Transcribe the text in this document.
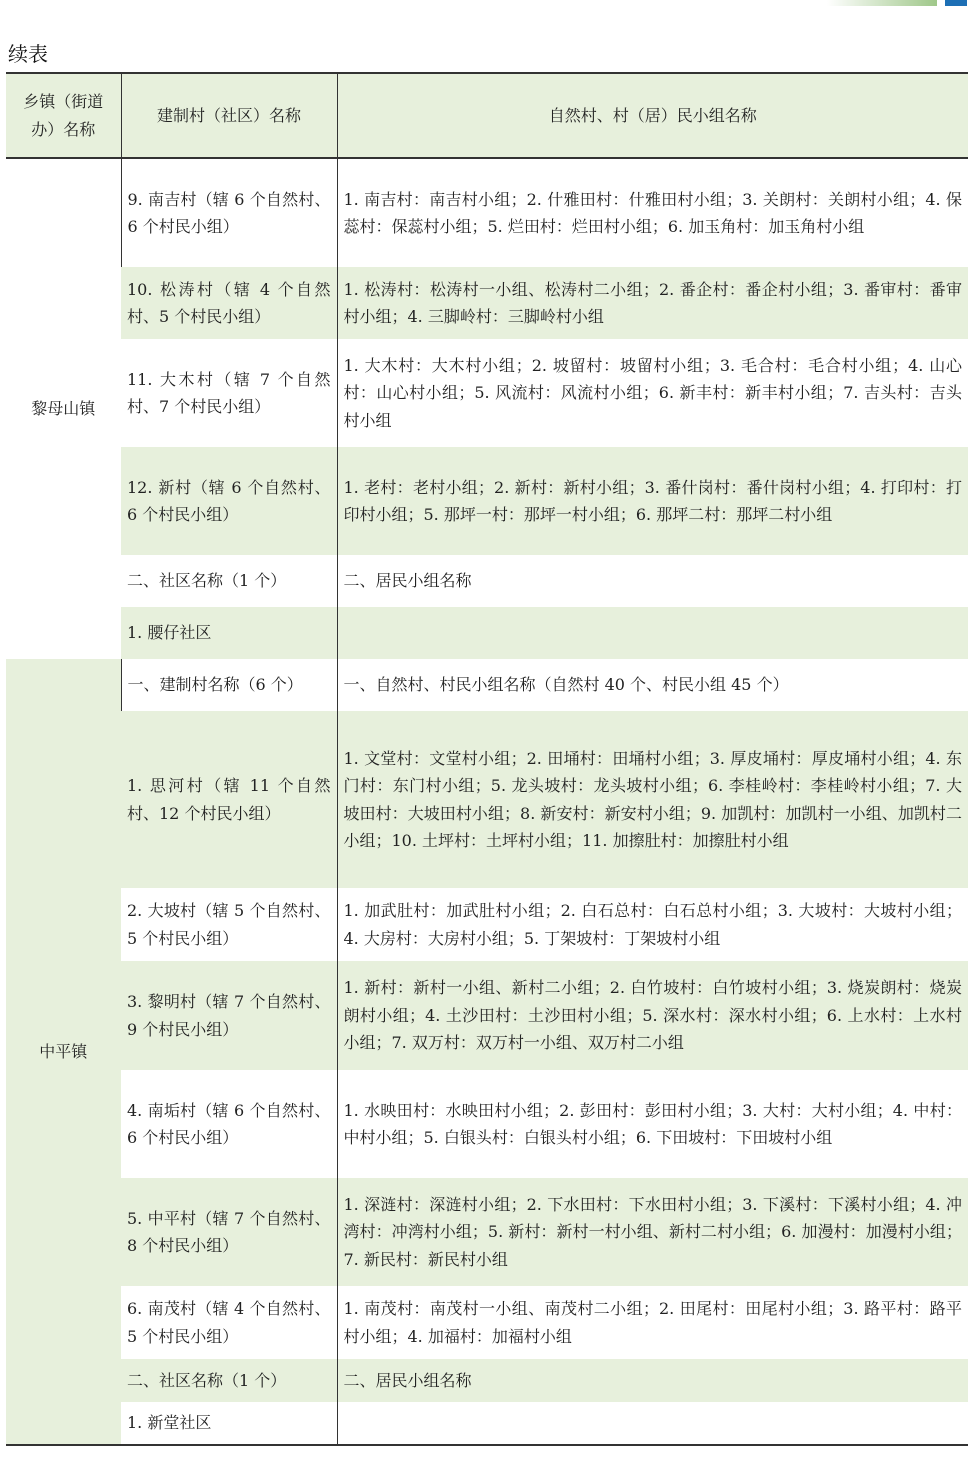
续表
乡镇（街道办）名称	建制村（社区）名称	自然村、村（居）民小组名称
黎母山镇	9. 南吉村（辖 6 个自然村、6 个村民小组）	1. 南吉村：南吉村小组；2. 什雅田村：什雅田村小组；3. 关朗村：关朗村小组；4. 保蕊村：保蕊村小组；5. 烂田村：烂田村小组；6. 加玉角村：加玉角村小组
	10. 松涛村（辖 4 个自然村、5 个村民小组）	1. 松涛村：松涛村一小组、松涛村二小组；2. 番企村：番企村小组；3. 番审村：番审村小组；4. 三脚岭村：三脚岭村小组
	11. 大木村（辖 7 个自然村、7 个村民小组）	1. 大木村：大木村小组；2. 坡留村：坡留村小组；3. 毛合村：毛合村小组；4. 山心村：山心村小组；5. 风流村：风流村小组；6. 新丰村：新丰村小组；7. 吉头村：吉头村小组
	12. 新村（辖 6 个自然村、6 个村民小组）	1. 老村：老村小组；2. 新村：新村小组；3. 番什岗村：番什岗村小组；4. 打印村：打印村小组；5. 那坪一村：那坪一村小组；6. 那坪二村：那坪二村小组
	二、社区名称（1 个）	二、居民小组名称
	1. 腰仔社区	
中平镇	一、建制村名称（6 个）	一、自然村、村民小组名称（自然村 40 个、村民小组 45 个）
	1. 思河村（辖 11 个自然村、12 个村民小组）	1. 文堂村：文堂村小组；2. 田埇村：田埇村小组；3. 厚皮埇村：厚皮埇村小组；4. 东门村：东门村小组；5. 龙头坡村：龙头坡村小组；6. 李桂岭村：李桂岭村小组；7. 大坡田村：大坡田村小组；8. 新安村：新安村小组；9. 加凯村：加凯村一小组、加凯村二小组；10. 土坪村：土坪村小组；11. 加擦肚村：加擦肚村小组
	2. 大坡村（辖 5 个自然村、5 个村民小组）	1. 加武肚村：加武肚村小组；2. 白石总村：白石总村小组；3. 大坡村：大坡村小组；4. 大房村：大房村小组；5. 丁架坡村：丁架坡村小组
	3. 黎明村（辖 7 个自然村、9 个村民小组）	1. 新村：新村一小组、新村二小组；2. 白竹坡村：白竹坡村小组；3. 烧炭朗村：烧炭朗村小组；4. 土沙田村：土沙田村小组；5. 深水村：深水村小组；6. 上水村：上水村小组；7. 双万村：双万村一小组、双万村二小组
	4. 南垢村（辖 6 个自然村、6 个村民小组）	1. 水映田村：水映田村小组；2. 彭田村：彭田村小组；3. 大村：大村小组；4. 中村：中村小组；5. 白银头村：白银头村小组；6. 下田坡村：下田坡村小组
	5. 中平村（辖 7 个自然村、8 个村民小组）	1. 深涟村：深涟村小组；2. 下水田村：下水田村小组；3. 下溪村：下溪村小组；4. 冲湾村：冲湾村小组；5. 新村：新村一村小组、新村二村小组；6. 加漫村：加漫村小组；7. 新民村：新民村小组
	6. 南茂村（辖 4 个自然村、5 个村民小组）	1. 南茂村：南茂村一小组、南茂村二小组；2. 田尾村：田尾村小组；3. 路平村：路平村小组；4. 加福村：加福村小组
	二、社区名称（1 个）	二、居民小组名称
	1. 新堂社区	
